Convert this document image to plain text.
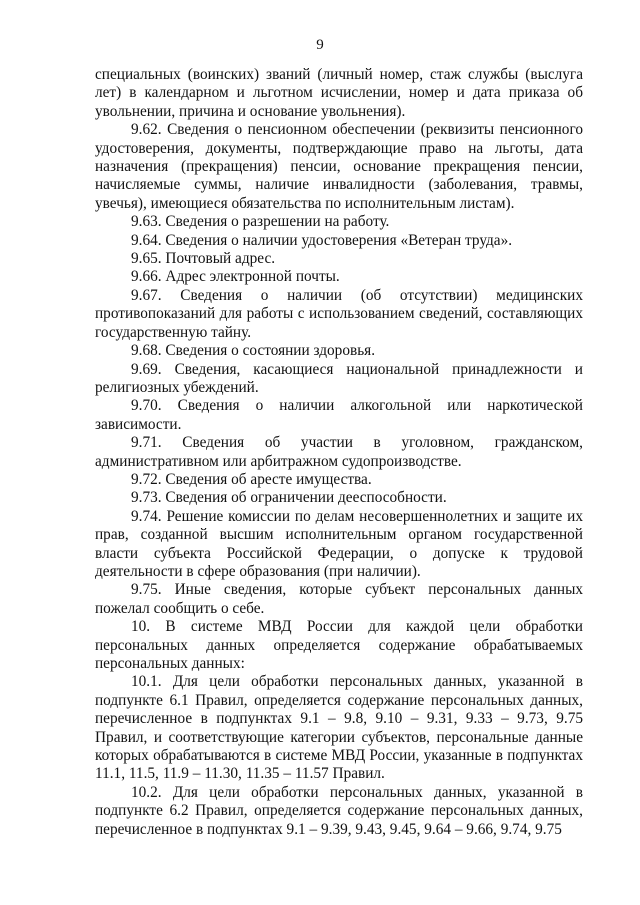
9

специальных (воинских) званий (личный номер, стаж службы (выслуга лет) в календарном и льготном исчислении, номер и дата приказа об увольнении, причина и основание увольнения).

9.62. Сведения о пенсионном обеспечении (реквизиты пенсионного удостоверения, документы, подтверждающие право на льготы, дата назначения (прекращения) пенсии, основание прекращения пенсии, начисляемые суммы, наличие инвалидности (заболевания, травмы, увечья), имеющиеся обязательства по исполнительным листам).

9.63. Сведения о разрешении на работу.

9.64. Сведения о наличии удостоверения «Ветеран труда».

9.65. Почтовый адрес.

9.66. Адрес электронной почты.

9.67. Сведения о наличии (об отсутствии) медицинских противопоказаний для работы с использованием сведений, составляющих государственную тайну.

9.68. Сведения о состоянии здоровья.

9.69. Сведения, касающиеся национальной принадлежности и религиозных убеждений.

9.70. Сведения о наличии алкогольной или наркотической зависимости.

9.71. Сведения об участии в уголовном, гражданском, административном или арбитражном судопроизводстве.

9.72. Сведения об аресте имущества.

9.73. Сведения об ограничении дееспособности.

9.74. Решение комиссии по делам несовершеннолетних и защите их прав, созданной высшим исполнительным органом государственной власти субъекта Российской Федерации, о допуске к трудовой деятельности в сфере образования (при наличии).

9.75. Иные сведения, которые субъект персональных данных пожелал сообщить о себе.

10. В системе МВД России для каждой цели обработки персональных данных определяется содержание обрабатываемых персональных данных:

10.1. Для цели обработки персональных данных, указанной в подпункте 6.1 Правил, определяется содержание персональных данных, перечисленное в подпунктах 9.1 – 9.8, 9.10 – 9.31, 9.33 – 9.73, 9.75 Правил, и соответствующие категории субъектов, персональные данные которых обрабатываются в системе МВД России, указанные в подпунктах 11.1, 11.5, 11.9 – 11.30, 11.35 – 11.57 Правил.

10.2. Для цели обработки персональных данных, указанной в подпункте 6.2 Правил, определяется содержание персональных данных, перечисленное в подпунктах 9.1 – 9.39, 9.43, 9.45, 9.64 – 9.66, 9.74, 9.75
